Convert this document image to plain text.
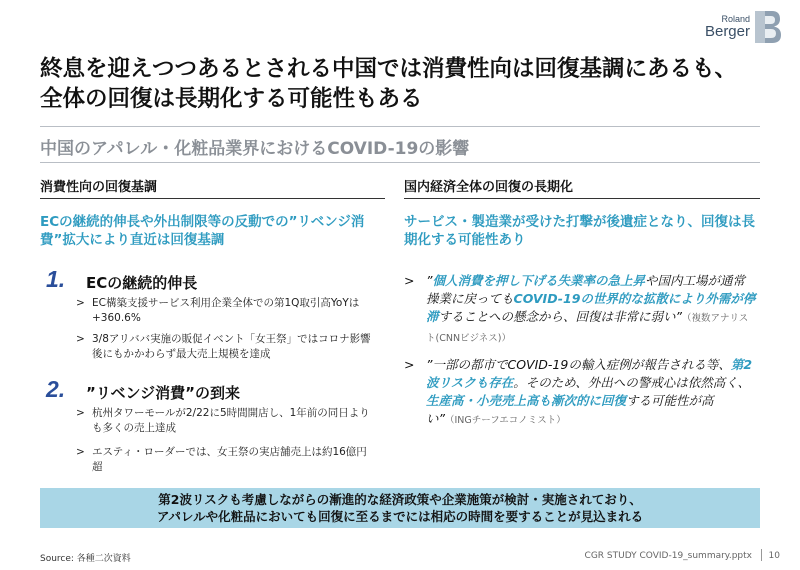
Roland
Berger
終息を迎えつつあるとされる中国では消費性向は回復基調にあるも、全体の回復は長期化する可能性もある
中国のアパレル・化粧品業界におけるCOVID-19の影響
消費性向の回復基調
ECの継続的伸長や外出制限等の反動での”リベンジ消費”拡大により直近は回復基調
1. ECの継続的伸長
> EC構築支援サービス利用企業全体での第1Q取引高YoYは+360.6%
> 3/8アリババ実施の販促イベント「女王祭」ではコロナ影響後にもかかわらず最大売上規模を達成
2. ”リベンジ消費”の到来
> 杭州タワーモールが2/22に5時間開店し、1年前の同日よりも多くの売上達成
> エスティ・ローダーでは、女王祭の実店舗売上は約16億円超
国内経済全体の回復の長期化
サービス・製造業が受けた打撃が後遺症となり、回復は長期化する可能性あり
> ”個人消費を押し下げる失業率の急上昇や国内工場が通常操業に戻ってもCOVID-19の世界的な拡散により外需が停滞することへの懸念から、回復は非常に弱い”（複数アナリスト(CNNビジネス)）
> ”一部の都市でCOVID-19の輸入症例が報告される等、第2波リスクも存在。そのため、外出への警戒心は依然高く、生産高・小売売上高も漸次的に回復する可能性が高い”（INGチーフエコノミスト）
第2波リスクも考慮しながらの漸進的な経済政策や企業施策が検討・実施されており、
アパレルや化粧品においても回復に至るまでには相応の時間を要することが見込まれる
Source: 各種二次資料	CGR STUDY COVID-19_summary.pptx 10
